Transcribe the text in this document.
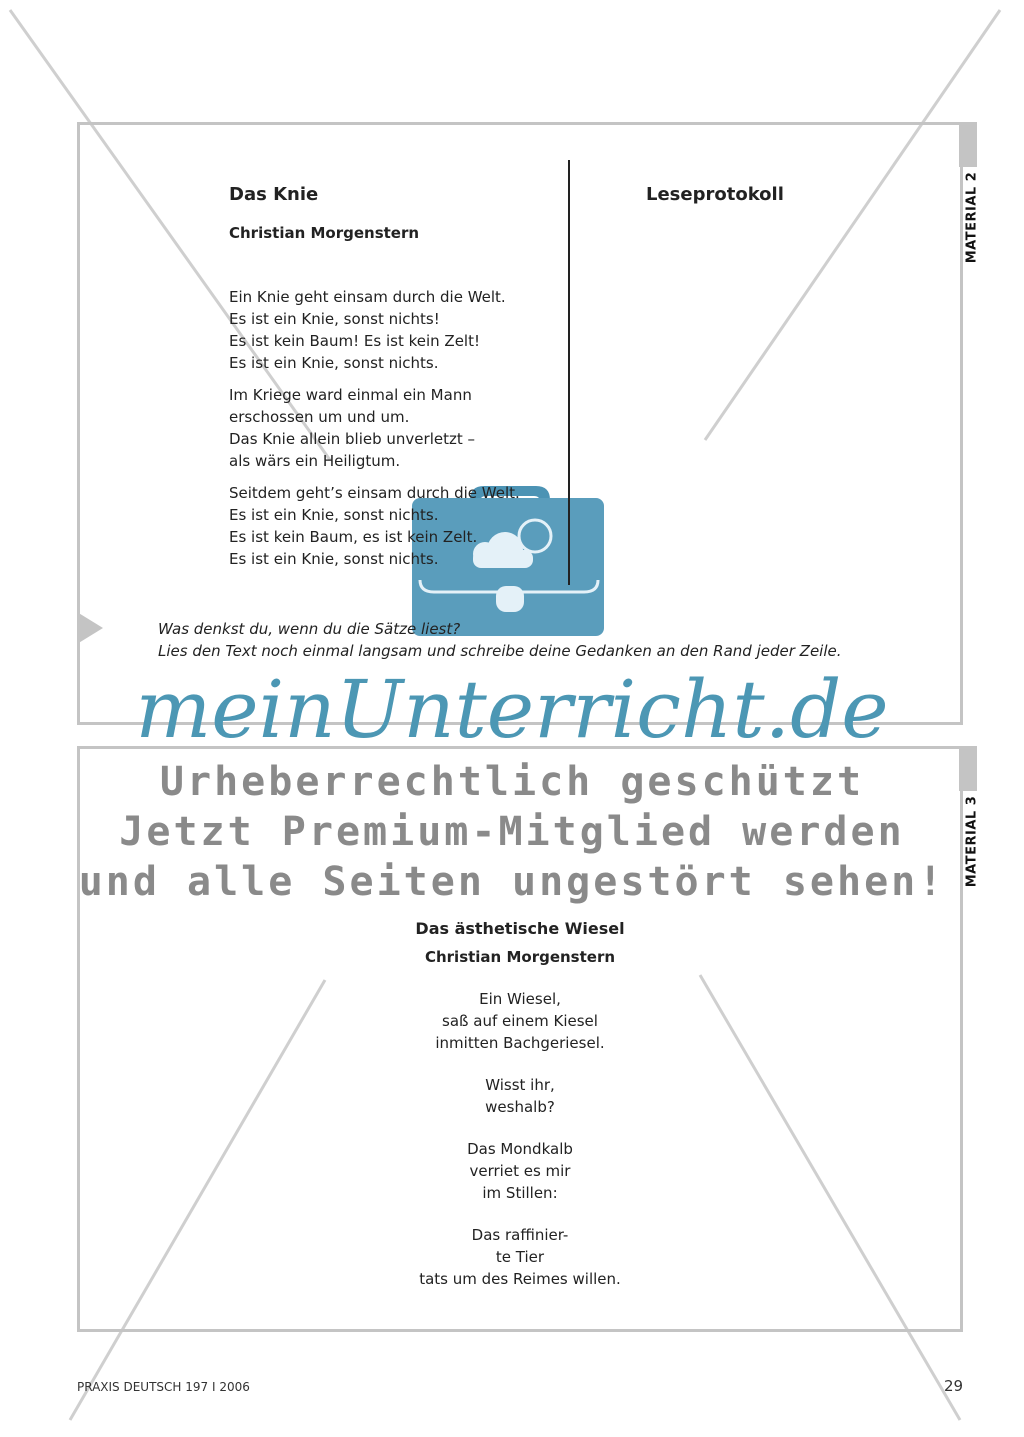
MATERIAL 2
Das Knie
Christian Morgenstern
Leseprotokoll
Ein Knie geht einsam durch die Welt.
Es ist ein Knie, sonst nichts!
Es ist kein Baum! Es ist kein Zelt!
Es ist ein Knie, sonst nichts.
Im Kriege ward einmal ein Mann
erschossen um und um.
Das Knie allein blieb unverletzt –
als wärs ein Heiligtum.
Seitdem geht’s einsam durch die Welt.
Es ist ein Knie, sonst nichts.
Es ist kein Baum, es ist kein Zelt.
Es ist ein Knie, sonst nichts.
Was denkst du, wenn du die Sätze liest?
Lies den Text noch einmal langsam und schreibe deine Gedanken an den Rand jeder Zeile.
MATERIAL 3
meinUnterricht.de
Urheberrechtlich geschützt
Jetzt Premium-Mitglied werden
und alle Seiten ungestört sehen!
Das ästhetische Wiesel
Christian Morgenstern
Ein Wiesel,
saß auf einem Kiesel
inmitten Bachgeriesel.
Wisst ihr,
weshalb?
Das Mondkalb
verriet es mir
im Stillen:
Das raffinier-
te Tier
tats um des Reimes willen.
PRAXIS DEUTSCH 197 I 2006	29
